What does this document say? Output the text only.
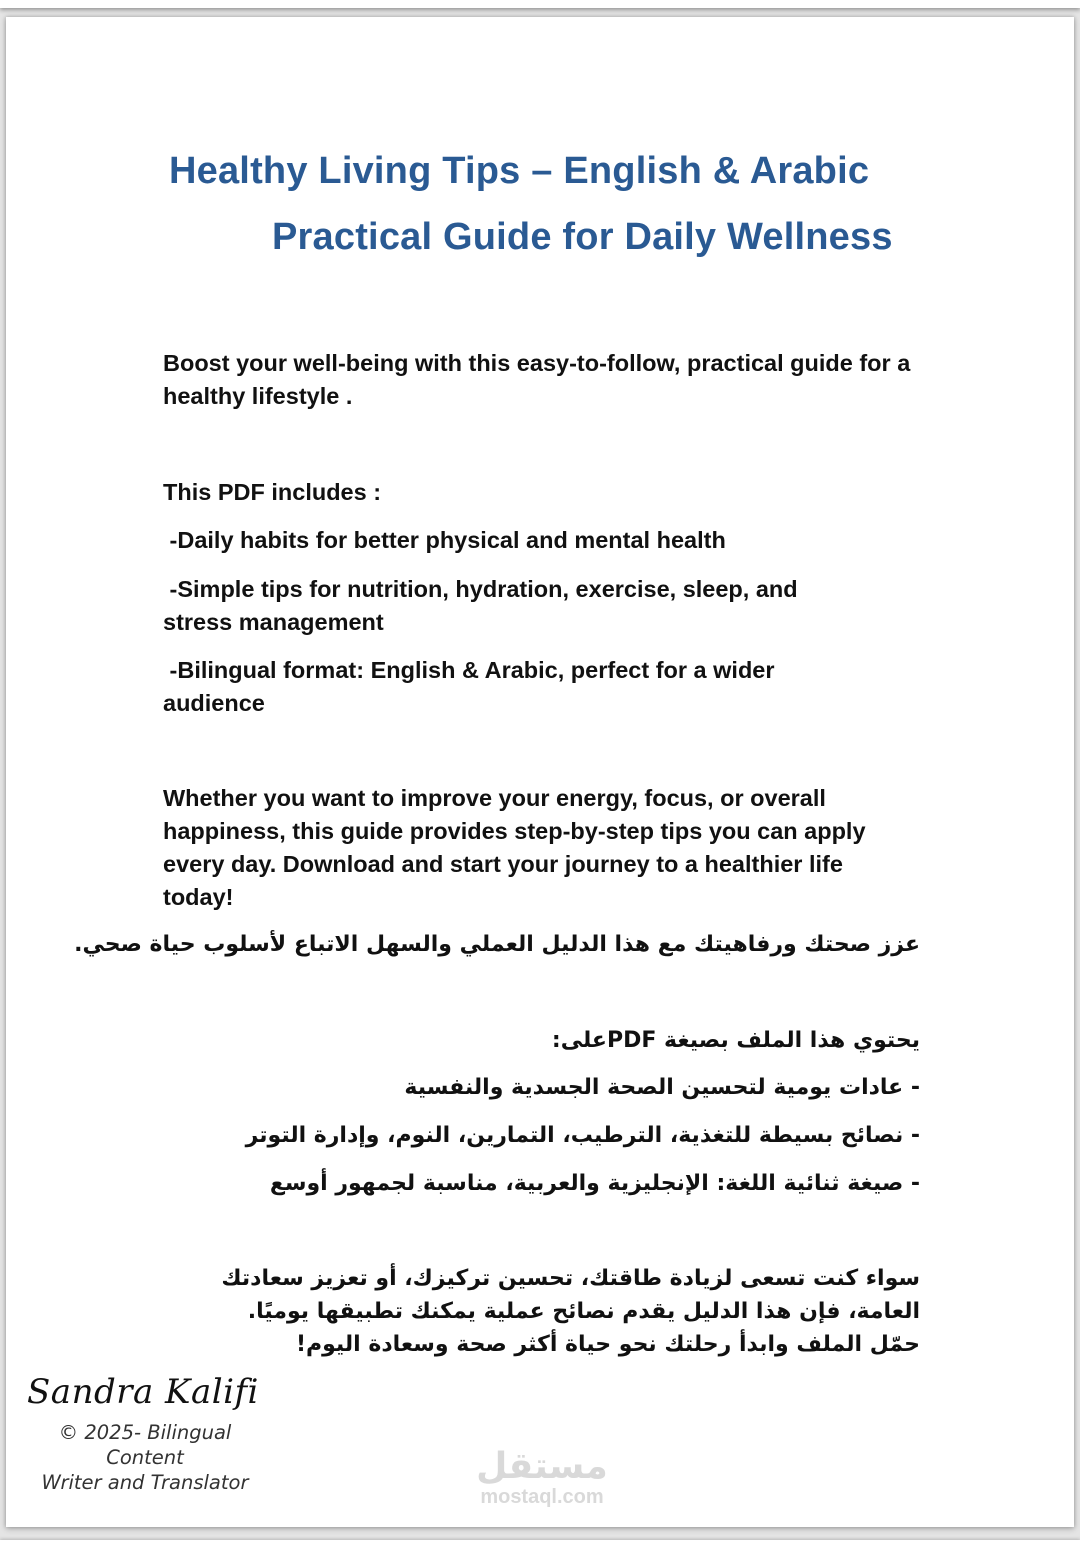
Healthy Living Tips – English & Arabic
Practical Guide for Daily Wellness
Boost your well-being with this easy-to-follow, practical guide for a healthy lifestyle .
This PDF includes :
-Daily habits for better physical and mental health
-Simple tips for nutrition, hydration, exercise, sleep, and stress management
-Bilingual format: English & Arabic, perfect for a wider audience
Whether you want to improve your energy, focus, or overall happiness, this guide provides step-by-step tips you can apply every day. Download and start your journey to a healthier life today!
عزز صحتك ورفاهيتك مع هذا الدليل العملي والسهل الاتباع لأسلوب حياة صحي.
يحتوي هذا الملف بصيغة PDFعلى:
- عادات يومية لتحسين الصحة الجسدية والنفسية
- نصائح بسيطة للتغذية، الترطيب، التمارين، النوم، وإدارة التوتر
- صيغة ثنائية اللغة: الإنجليزية والعربية، مناسبة لجمهور أوسع
سواء كنت تسعى لزيادة طاقتك، تحسين تركيزك، أو تعزيز سعادتك العامة، فإن هذا الدليل يقدم نصائح عملية يمكنك تطبيقها يوميًا. حمّل الملف وابدأ رحلتك نحو حياة أكثر صحة وسعادة اليوم!
Sandra Kalifi
© 2025- Bilingual Content
Writer and Translator	مستقل
mostaql.com
